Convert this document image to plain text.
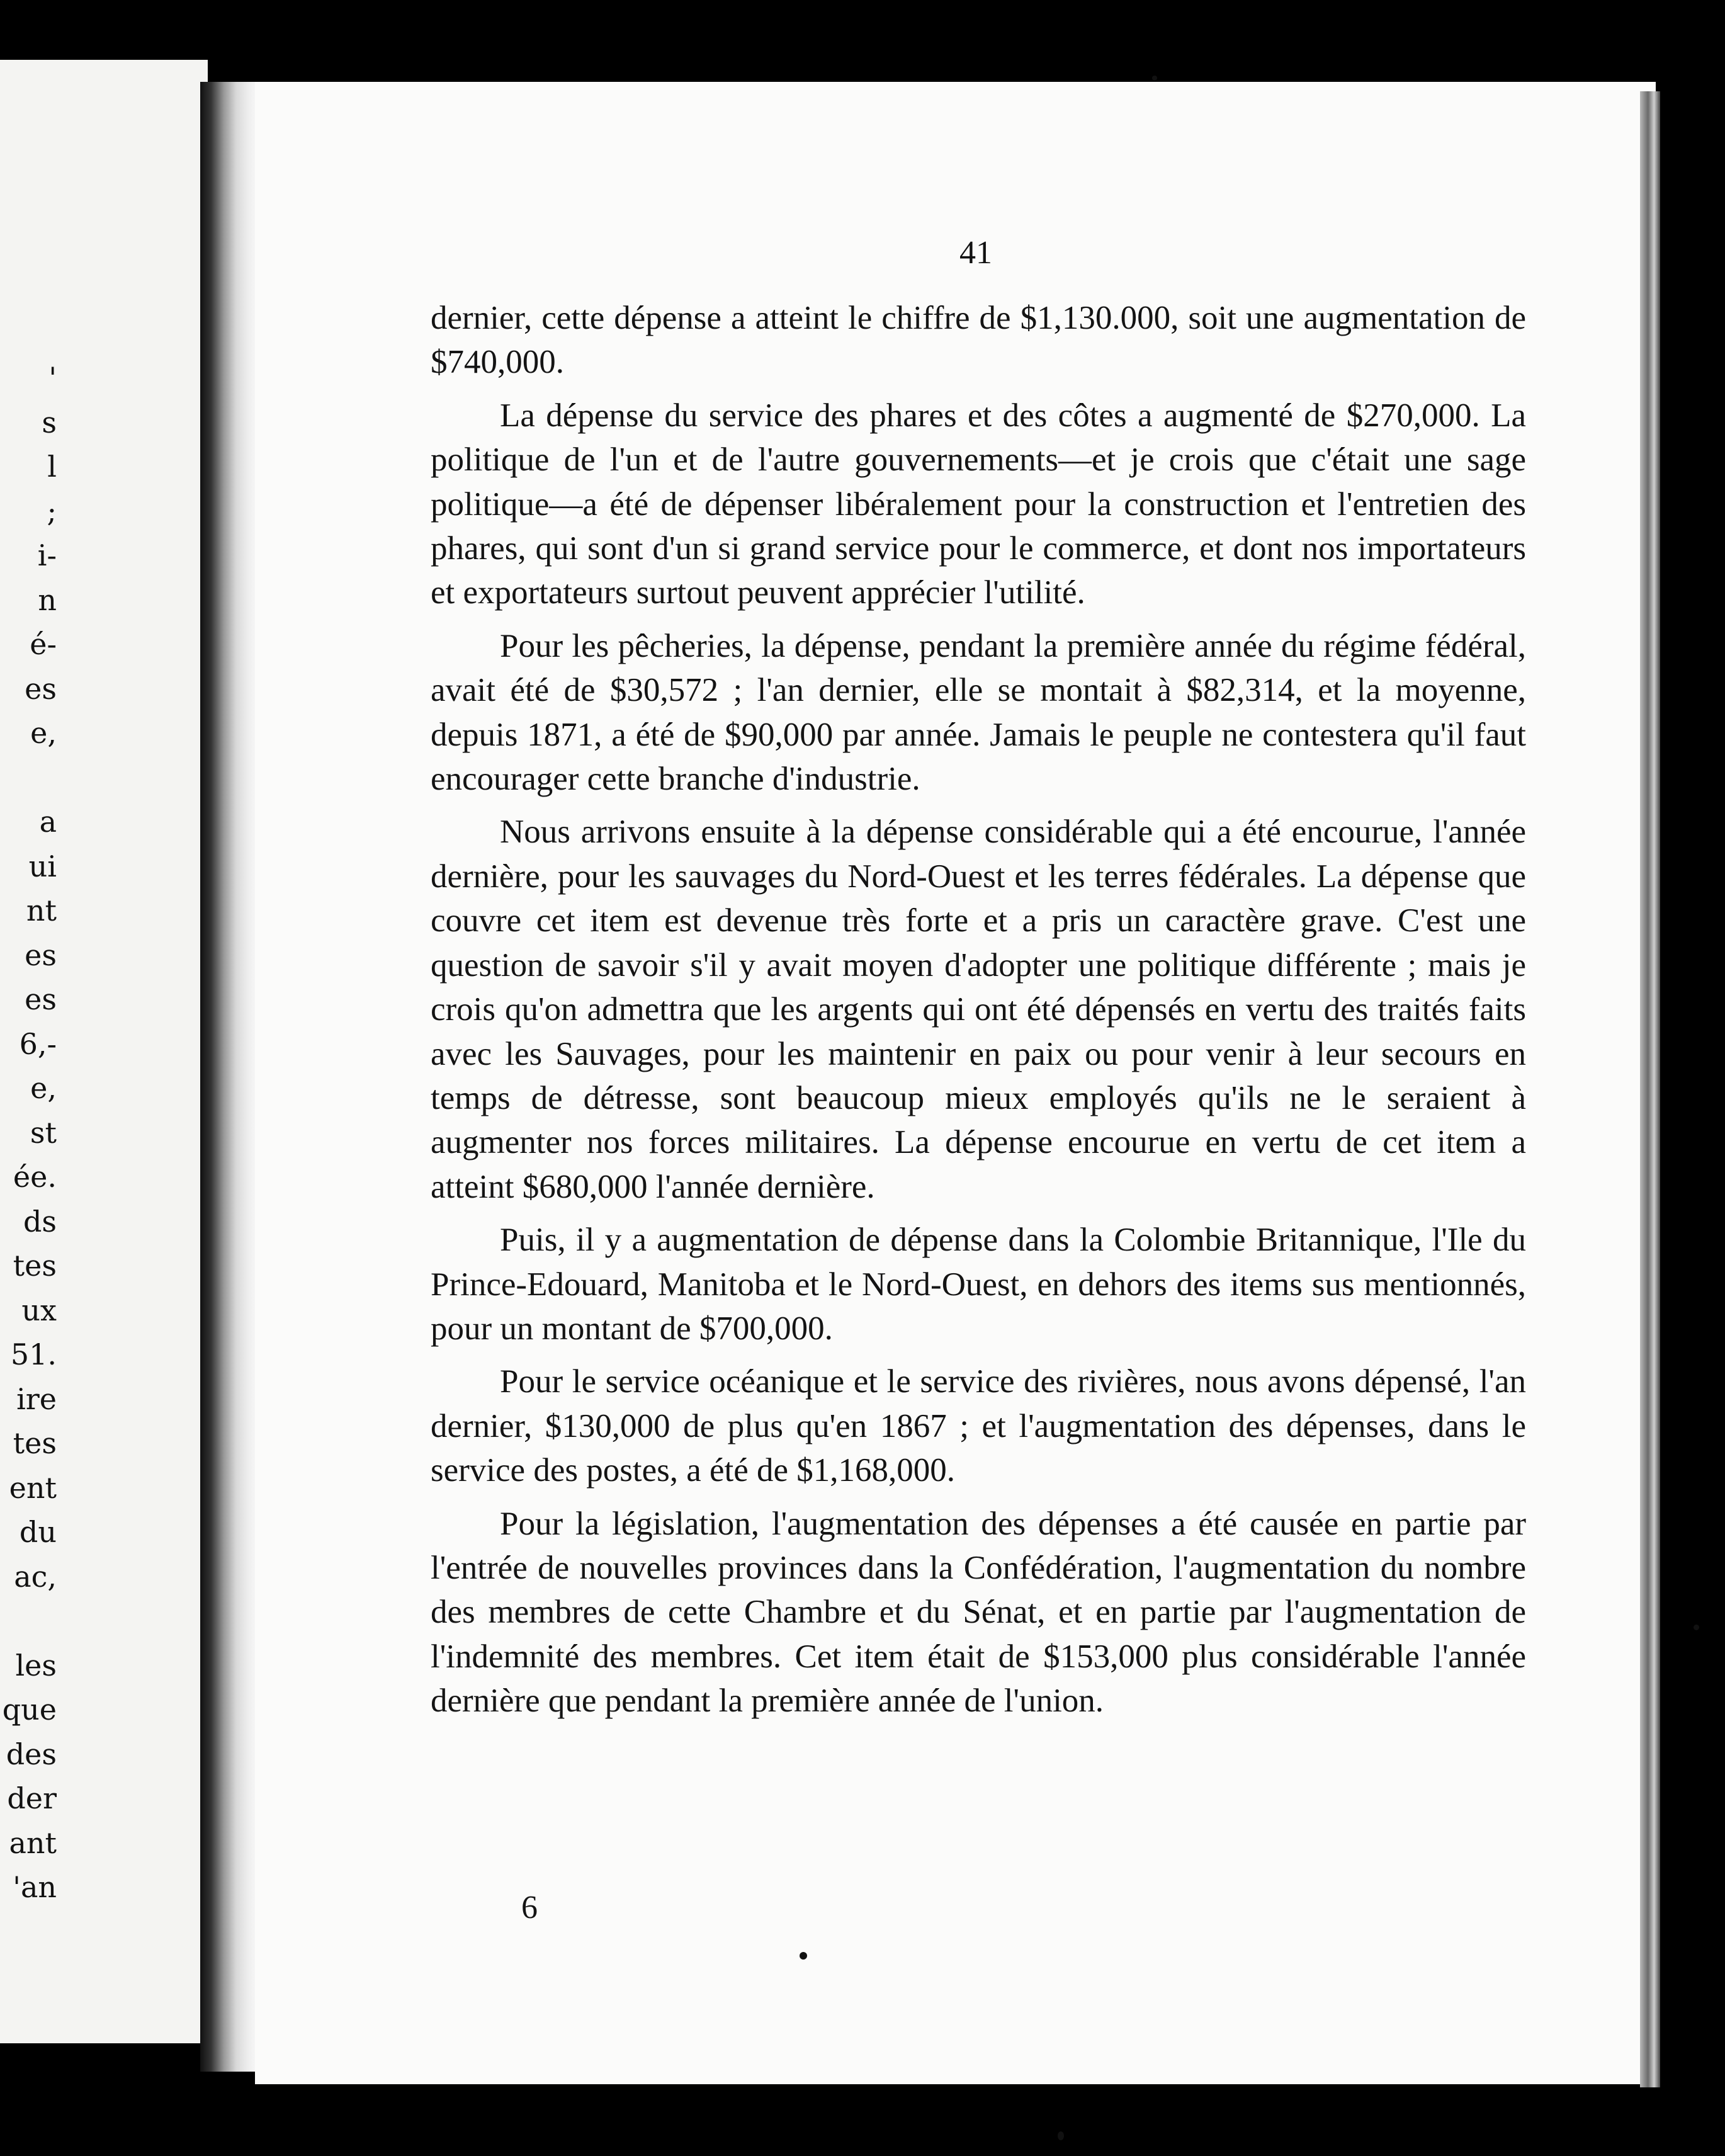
'
s
l
;
i-
n
é-
es
e,
a
ui
nt
es
es
6,-
e,
st
ée.
ds
tes
ux
51.
ire
tes
ent
du
ac,
les
que
des
der
ant
'an

41

dernier, cette dépense a atteint le chiffre de $1,130.000, soit une augmentation de $740,000.

La dépense du service des phares et des côtes a augmenté de $270,000. La politique de l'un et de l'autre gouvernements—et je crois que c'était une sage politique—a été de dépenser libéralement pour la construction et l'entretien des phares, qui sont d'un si grand service pour le commerce, et dont nos importateurs et exportateurs surtout peuvent apprécier l'utilité.

Pour les pêcheries, la dépense, pendant la première année du régime fédéral, avait été de $30,572 ; l'an dernier, elle se montait à $82,314, et la moyenne, depuis 1871, a été de $90,000 par année. Jamais le peuple ne contestera qu'il faut encourager cette branche d'industrie.

Nous arrivons ensuite à la dépense considérable qui a été encourue, l'année dernière, pour les sauvages du Nord-Ouest et les terres fédérales. La dépense que couvre cet item est devenue très forte et a pris un caractère grave. C'est une question de savoir s'il y avait moyen d'adopter une politique différente ; mais je crois qu'on admettra que les argents qui ont été dépensés en vertu des traités faits avec les Sauvages, pour les maintenir en paix ou pour venir à leur secours en temps de détresse, sont beaucoup mieux employés qu'ils ne le seraient à augmenter nos forces militaires. La dépense encourue en vertu de cet item a atteint $680,000 l'année dernière.

Puis, il y a augmentation de dépense dans la Colombie Britannique, l'Ile du Prince-Edouard, Manitoba et le Nord-Ouest, en dehors des items sus mentionnés, pour un montant de $700,000.

Pour le service océanique et le service des rivières, nous avons dépensé, l'an dernier, $130,000 de plus qu'en 1867 ; et l'augmentation des dépenses, dans le service des postes, a été de $1,168,000.

Pour la législation, l'augmentation des dépenses a été causée en partie par l'entrée de nouvelles provinces dans la Confédération, l'augmentation du nombre des membres de cette Chambre et du Sénat, et en partie par l'augmentation de l'indemnité des membres. Cet item était de $153,000 plus considérable l'année dernière que pendant la première année de l'union.

6
